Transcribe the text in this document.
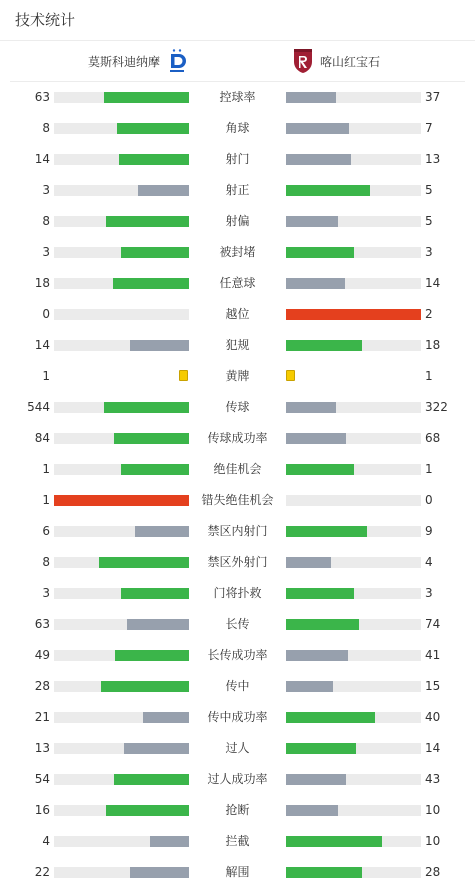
技术统计
莫斯科迪纳摩	喀山红宝石
63	控球率	37
8	角球	7
14	射门	13
3	射正	5
8	射偏	5
3	被封堵	3
18	任意球	14
0	越位	2
14	犯规	18
1	黄牌	1
544	传球	322
84	传球成功率	68
1	绝佳机会	1
1	错失绝佳机会	0
6	禁区内射门	9
8	禁区外射门	4
3	门将扑救	3
63	长传	74
49	长传成功率	41
28	传中	15
21	传中成功率	40
13	过人	14
54	过人成功率	43
16	抢断	10
4	拦截	10
22	解围	28
